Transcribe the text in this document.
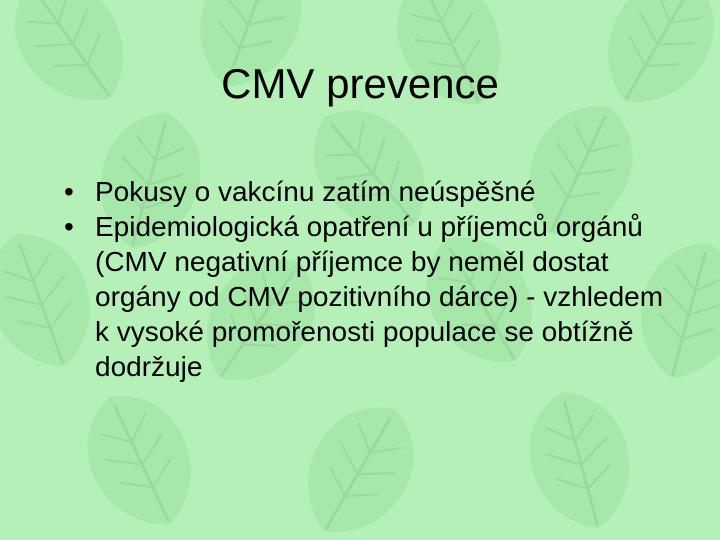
CMV prevence
• Pokusy o vakcínu zatím neúspěšné
• Epidemiologická opatření u příjemců orgánů (CMV negativní příjemce by neměl dostat orgány od CMV pozitivního dárce) - vzhledem k vysoké promořenosti populace se obtížně dodržuje
